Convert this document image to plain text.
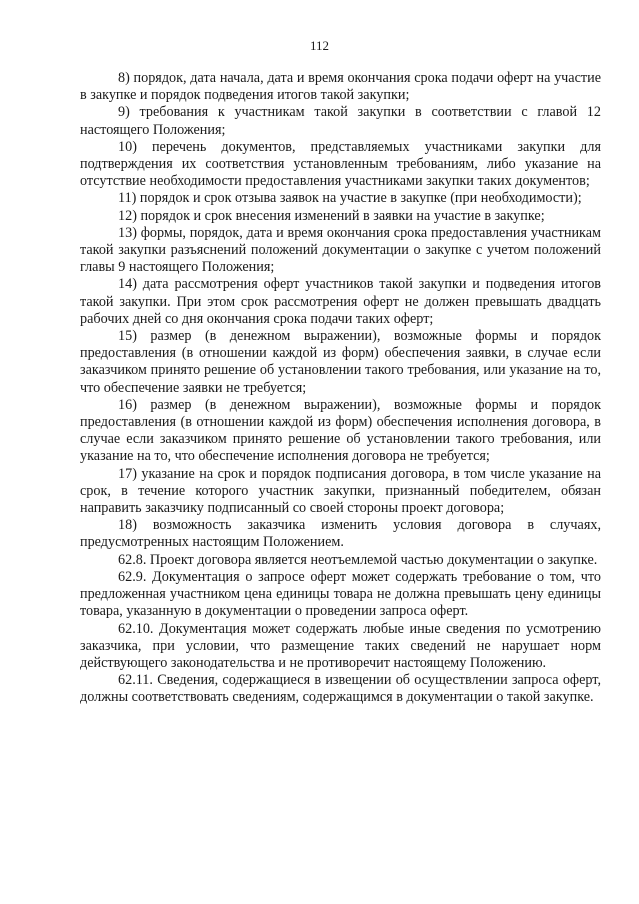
112

8) порядок, дата начала, дата и время окончания срока подачи оферт на участие в закупке и порядок подведения итогов такой закупки;

9) требования к участникам такой закупки в соответствии с главой 12 настоящего Положения;

10) перечень документов, представляемых участниками закупки для подтверждения их соответствия установленным требованиям, либо указание на отсутствие необходимости предоставления участниками закупки таких документов;

11) порядок и срок отзыва заявок на участие в закупке (при необходимости);

12) порядок и срок внесения изменений в заявки на участие в закупке;

13) формы, порядок, дата и время окончания срока предоставления участникам такой закупки разъяснений положений документации о закупке с учетом положений главы 9 настоящего Положения;

14) дата рассмотрения оферт участников такой закупки и подведения итогов такой закупки. При этом срок рассмотрения оферт не должен превышать двадцать рабочих дней со дня окончания срока подачи таких оферт;

15) размер (в денежном выражении), возможные формы и порядок предоставления (в отношении каждой из форм) обеспечения заявки, в случае если заказчиком принято решение об установлении такого требования, или указание на то, что обеспечение заявки не требуется;

16) размер (в денежном выражении), возможные формы и порядок предоставления (в отношении каждой из форм) обеспечения исполнения договора, в случае если заказчиком принято решение об установлении такого требования, или указание на то, что обеспечение исполнения договора не требуется;

17) указание на срок и порядок подписания договора, в том числе указание на срок, в течение которого участник закупки, признанный победителем, обязан направить заказчику подписанный со своей стороны проект договора;

18) возможность заказчика изменить условия договора в случаях, предусмотренных настоящим Положением.

62.8. Проект договора является неотъемлемой частью документации о закупке.

62.9. Документация о запросе оферт может содержать требование о том, что предложенная участником цена единицы товара не должна превышать цену единицы товара, указанную в документации о проведении запроса оферт.

62.10. Документация может содержать любые иные сведения по усмотрению заказчика, при условии, что размещение таких сведений не нарушает норм действующего законодательства и не противоречит настоящему Положению.

62.11. Сведения, содержащиеся в извещении об осуществлении запроса оферт, должны соответствовать сведениям, содержащимся в документации о такой закупке.
